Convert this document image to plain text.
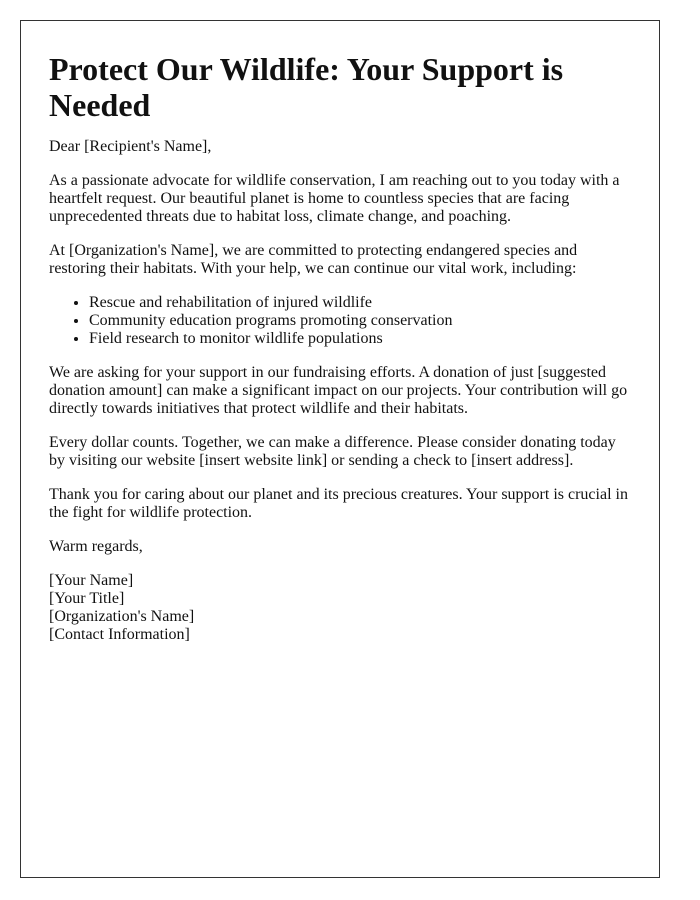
Protect Our Wildlife: Your Support is Needed

Dear [Recipient's Name],

As a passionate advocate for wildlife conservation, I am reaching out to you today with a heartfelt request. Our beautiful planet is home to countless species that are facing unprecedented threats due to habitat loss, climate change, and poaching.

At [Organization's Name], we are committed to protecting endangered species and restoring their habitats. With your help, we can continue our vital work, including:

• Rescue and rehabilitation of injured wildlife
• Community education programs promoting conservation
• Field research to monitor wildlife populations

We are asking for your support in our fundraising efforts. A donation of just [suggested donation amount] can make a significant impact on our projects. Your contribution will go directly towards initiatives that protect wildlife and their habitats.

Every dollar counts. Together, we can make a difference. Please consider donating today by visiting our website [insert website link] or sending a check to [insert address].

Thank you for caring about our planet and its precious creatures. Your support is crucial in the fight for wildlife protection.

Warm regards,

[Your Name]
[Your Title]
[Organization's Name]
[Contact Information]
